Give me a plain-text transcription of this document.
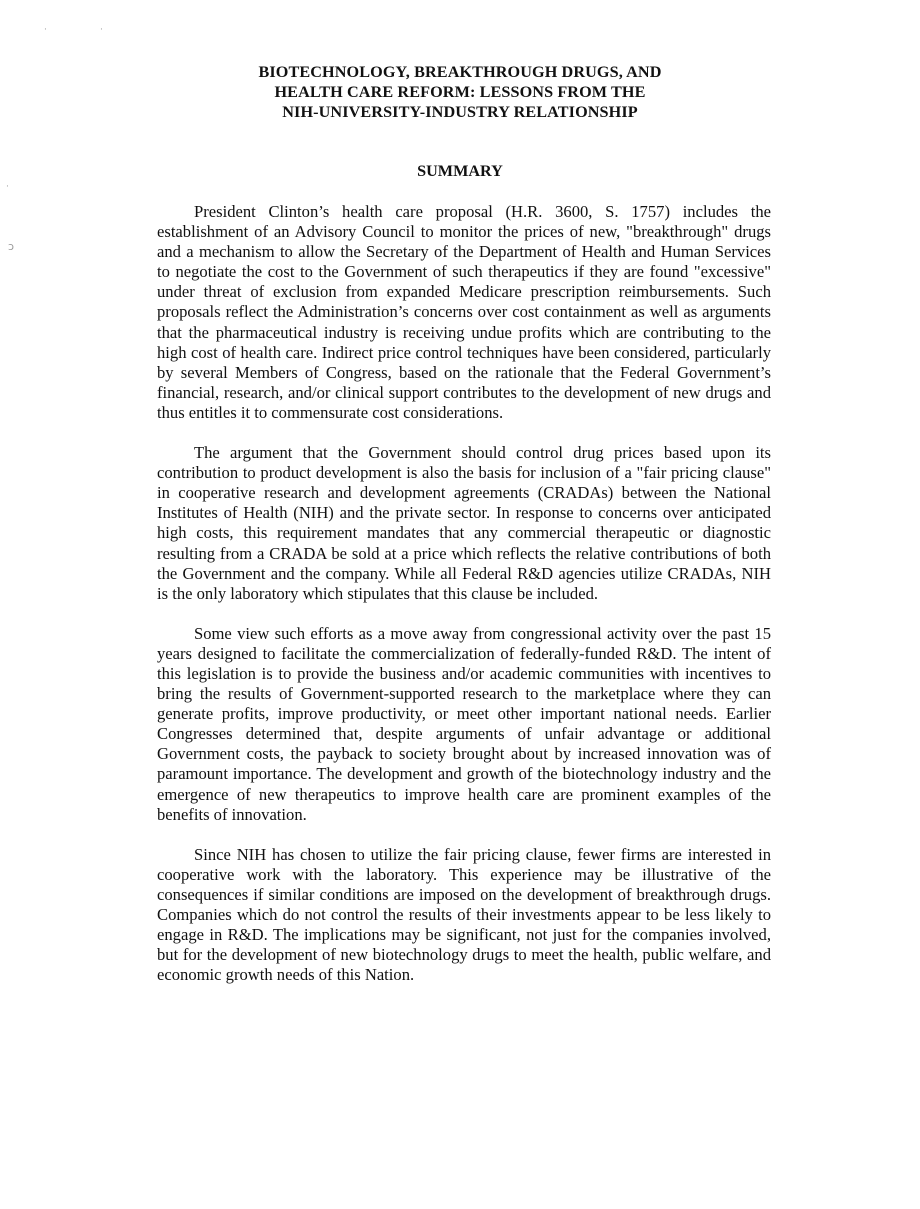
·	·
·
ↄ
BIOTECHNOLOGY, BREAKTHROUGH DRUGS, AND
HEALTH CARE REFORM: LESSONS FROM THE
NIH-UNIVERSITY-INDUSTRY RELATIONSHIP
SUMMARY

President Clinton’s health care proposal (H.R. 3600, S. 1757) includes the establishment of an Advisory Council to monitor the prices of new, "breakthrough" drugs and a mechanism to allow the Secretary of the Department of Health and Human Services to negotiate the cost to the Government of such therapeutics if they are found "excessive" under threat of exclusion from expanded Medicare prescription reimbursements. Such proposals reflect the Administration’s concerns over cost containment as well as arguments that the pharmaceutical industry is receiving undue profits which are contributing to the high cost of health care. Indirect price control techniques have been considered, particularly by several Members of Congress, based on the rationale that the Federal Government’s financial, research, and/or clinical support contributes to the development of new drugs and thus entitles it to commensurate cost considerations.

The argument that the Government should control drug prices based upon its contribution to product development is also the basis for inclusion of a "fair pricing clause" in cooperative research and development agreements (CRADAs) between the National Institutes of Health (NIH) and the private sector. In response to concerns over anticipated high costs, this requirement mandates that any commercial therapeutic or diagnostic resulting from a CRADA be sold at a price which reflects the relative contributions of both the Government and the company. While all Federal R&D agencies utilize CRADAs, NIH is the only laboratory which stipulates that this clause be included.

Some view such efforts as a move away from congressional activity over the past 15 years designed to facilitate the commercialization of federally-funded R&D. The intent of this legislation is to provide the business and/or academic communities with incentives to bring the results of Government-supported research to the marketplace where they can generate profits, improve productivity, or meet other important national needs. Earlier Congresses determined that, despite arguments of unfair advantage or additional Government costs, the payback to society brought about by increased innovation was of paramount importance. The development and growth of the biotechnology industry and the emergence of new therapeutics to improve health care are prominent examples of the benefits of innovation.

Since NIH has chosen to utilize the fair pricing clause, fewer firms are interested in cooperative work with the laboratory. This experience may be illustrative of the consequences if similar conditions are imposed on the development of breakthrough drugs. Companies which do not control the results of their investments appear to be less likely to engage in R&D. The implications may be significant, not just for the companies involved, but for the development of new biotechnology drugs to meet the health, public welfare, and economic growth needs of this Nation.
